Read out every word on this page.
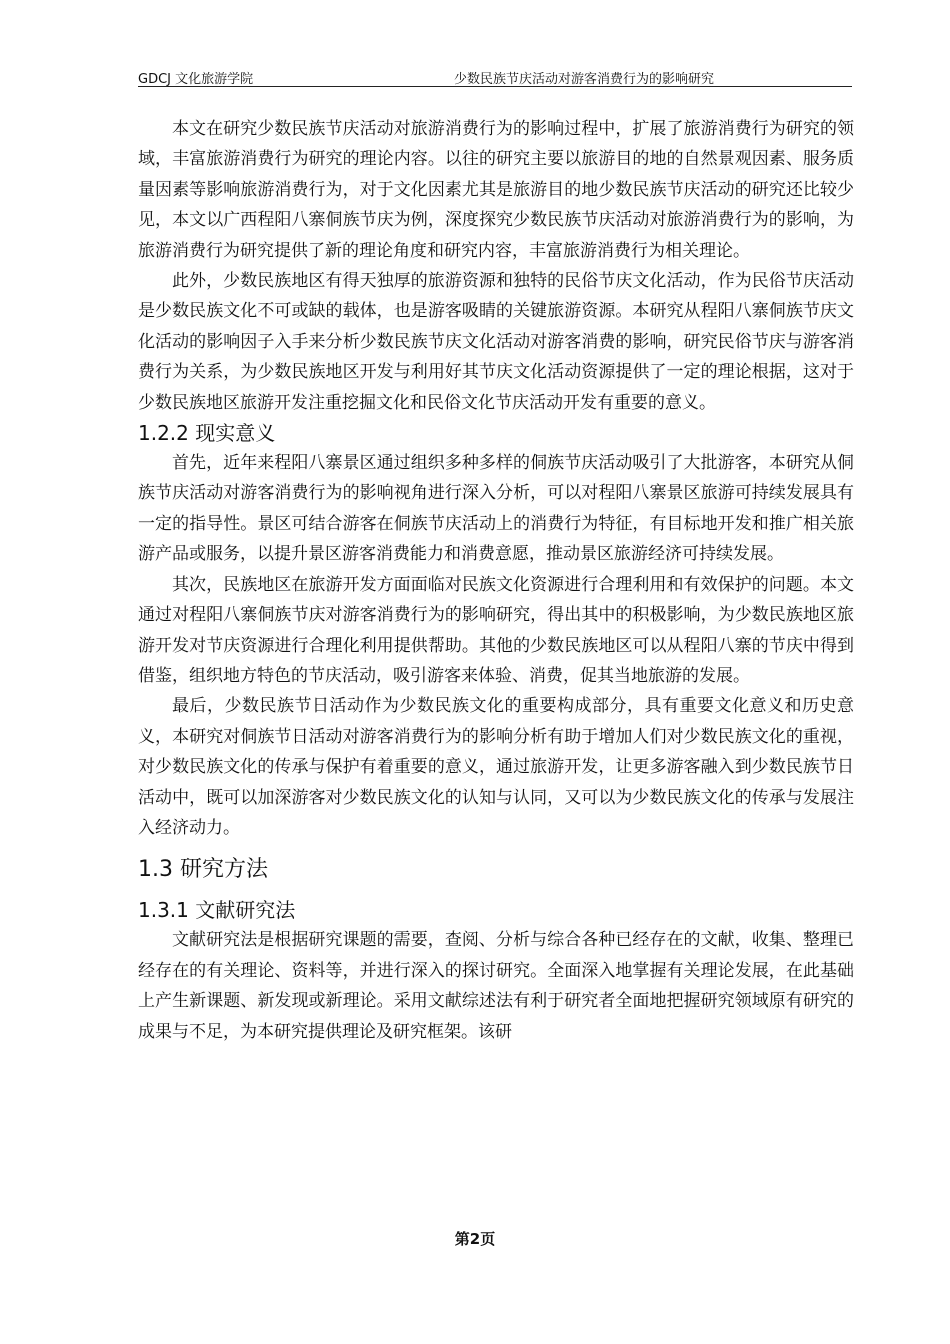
GDCJ 文化旅游学院	少数民族节庆活动对游客消费行为的影响研究

本文在研究少数民族节庆活动对旅游消费行为的影响过程中，扩展了旅游消费行为研究的领域，丰富旅游消费行为研究的理论内容。以往的研究主要以旅游目的地的自然景观因素、服务质量因素等影响旅游消费行为，对于文化因素尤其是旅游目的地少数民族节庆活动的研究还比较少见，本文以广西程阳八寨侗族节庆为例，深度探究少数民族节庆活动对旅游消费行为的影响，为旅游消费行为研究提供了新的理论角度和研究内容，丰富旅游消费行为相关理论。

此外，少数民族地区有得天独厚的旅游资源和独特的民俗节庆文化活动，作为民俗节庆活动是少数民族文化不可或缺的载体，也是游客吸睛的关键旅游资源。本研究从程阳八寨侗族节庆文化活动的影响因子入手来分析少数民族节庆文化活动对游客消费的影响，研究民俗节庆与游客消费行为关系，为少数民族地区开发与利用好其节庆文化活动资源提供了一定的理论根据，这对于少数民族地区旅游开发注重挖掘文化和民俗文化节庆活动开发有重要的意义。

1.2.2 现实意义

首先，近年来程阳八寨景区通过组织多种多样的侗族节庆活动吸引了大批游客，本研究从侗族节庆活动对游客消费行为的影响视角进行深入分析，可以对程阳八寨景区旅游可持续发展具有一定的指导性。景区可结合游客在侗族节庆活动上的消费行为特征，有目标地开发和推广相关旅游产品或服务，以提升景区游客消费能力和消费意愿，推动景区旅游经济可持续发展。

其次，民族地区在旅游开发方面面临对民族文化资源进行合理利用和有效保护的问题。本文通过对程阳八寨侗族节庆对游客消费行为的影响研究，得出其中的积极影响，为少数民族地区旅游开发对节庆资源进行合理化利用提供帮助。其他的少数民族地区可以从程阳八寨的节庆中得到借鉴，组织地方特色的节庆活动，吸引游客来体验、消费，促其当地旅游的发展。

最后，少数民族节日活动作为少数民族文化的重要构成部分，具有重要文化意义和历史意义，本研究对侗族节日活动对游客消费行为的影响分析有助于增加人们对少数民族文化的重视，对少数民族文化的传承与保护有着重要的意义，通过旅游开发，让更多游客融入到少数民族节日活动中，既可以加深游客对少数民族文化的认知与认同，又可以为少数民族文化的传承与发展注入经济动力。

1.3 研究方法
1.3.1 文献研究法

文献研究法是根据研究课题的需要，查阅、分析与综合各种已经存在的文献，收集、整理已经存在的有关理论、资料等，并进行深入的探讨研究。全面深入地掌握有关理论发展，在此基础上产生新课题、新发现或新理论。采用文献综述法有利于研究者全面地把握研究领域原有研究的成果与不足，为本研究提供理论及研究框架。该研

第2页
